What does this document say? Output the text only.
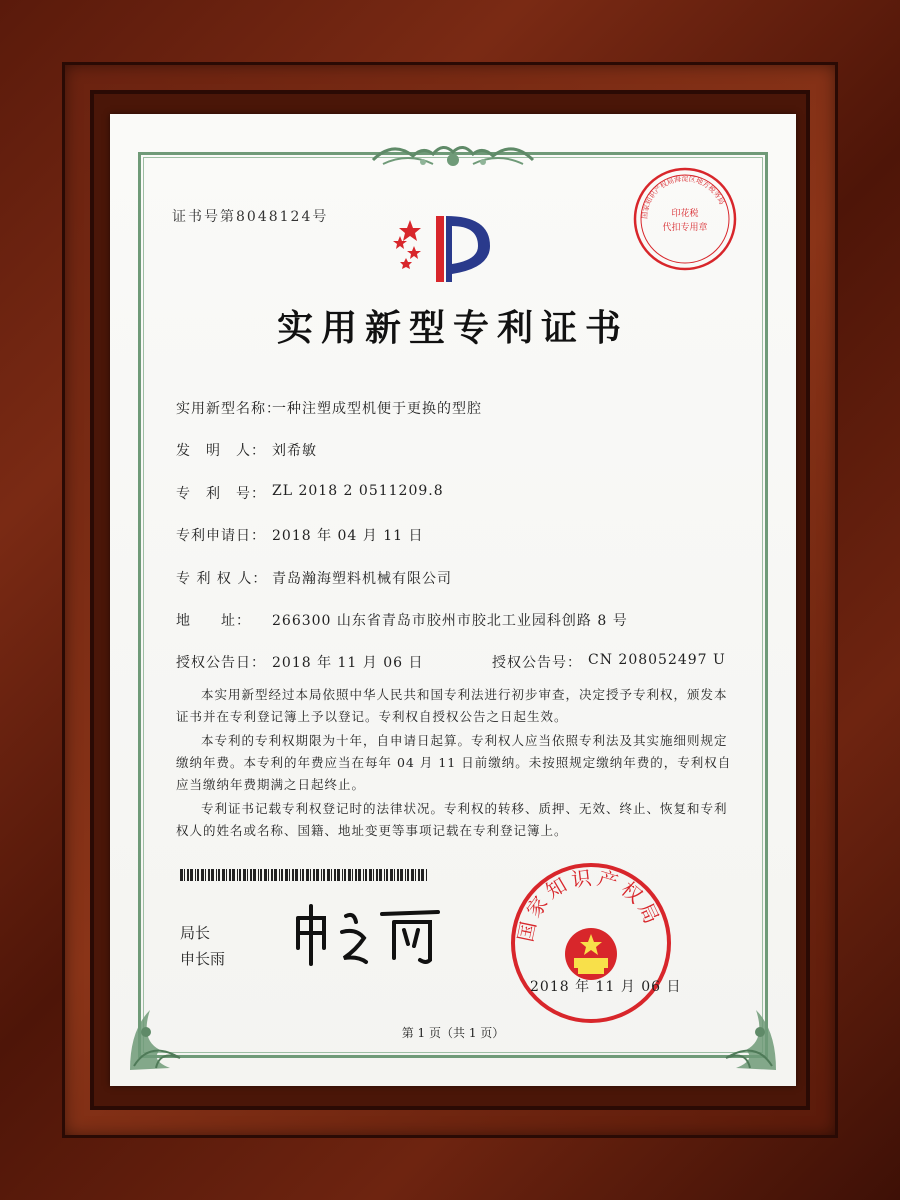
证书号第8048124号	国家知识产权局海淀区地方税务局
印花税
代扣专用章
实用新型专利证书
实用新型名称：
一种注塑成型机便于更换的型腔
发　明　人： 刘希敏
专　利　号： ZL 2018 2 0511209.8
专利申请日： 2018 年 04 月 11 日
专 利 权 人： 青岛瀚海塑料机械有限公司
地　　址： 266300 山东省青岛市胶州市胶北工业园科创路 8 号
授权公告日： 2018 年 11 月 06 日	授权公告号： CN 208052497 U
本实用新型经过本局依照中华人民共和国专利法进行初步审查，决定授予专利权，颁发本证书并在专利登记簿上予以登记。专利权自授权公告之日起生效。
本专利的专利权期限为十年，自申请日起算。专利权人应当依照专利法及其实施细则规定缴纳年费。本专利的年费应当在每年 04 月 11 日前缴纳。未按照规定缴纳年费的，专利权自应当缴纳年费期满之日起终止。
专利证书记载专利权登记时的法律状况。专利权的转移、质押、无效、终止、恢复和专利权人的姓名或名称、国籍、地址变更等事项记载在专利登记簿上。
局长
申长雨
国家知识产权局
2018 年 11 月 06 日
第 1 页（共 1 页）
